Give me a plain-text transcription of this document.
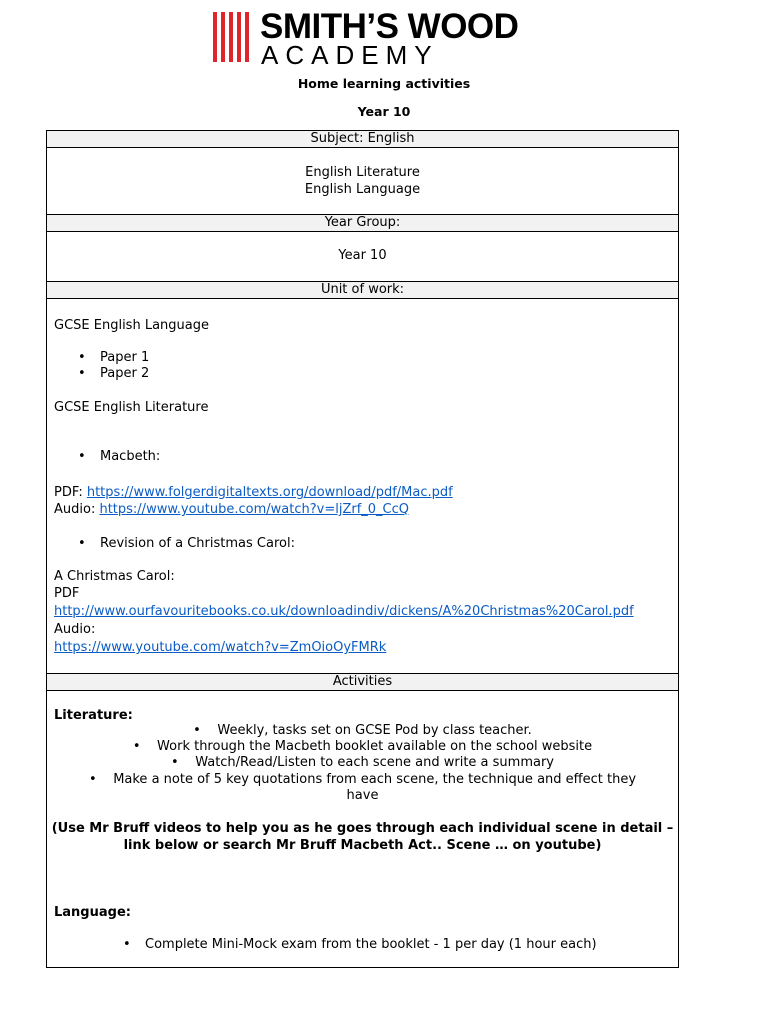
SMITH’S WOOD
ACADEMY
Home learning activities
Year 10
Subject: English
English Literature
English Language
Year Group:
Year 10
Unit of work:
GCSE English Language
• Paper 1
• Paper 2
GCSE English Literature
• Macbeth:
PDF: https://www.folgerdigitaltexts.org/download/pdf/Mac.pdf
Audio: https://www.youtube.com/watch?v=ljZrf_0_CcQ
• Revision of a Christmas Carol:
A Christmas Carol:
PDF
http://www.ourfavouritebooks.co.uk/downloadindiv/dickens/A%20Christmas%20Carol.pdf
Audio:
https://www.youtube.com/watch?v=ZmOioOyFMRk
Activities
Literature:
•    Weekly, tasks set on GCSE Pod by class teacher.
•    Work through the Macbeth booklet available on the school website
•    Watch/Read/Listen to each scene and write a summary
•    Make a note of 5 key quotations from each scene, the technique and effect they
have
(Use Mr Bruff videos to help you as he goes through each individual scene in detail –
link below or search Mr Bruff Macbeth Act.. Scene … on youtube)
Language:
• Complete Mini-Mock exam from the booklet - 1 per day (1 hour each)
